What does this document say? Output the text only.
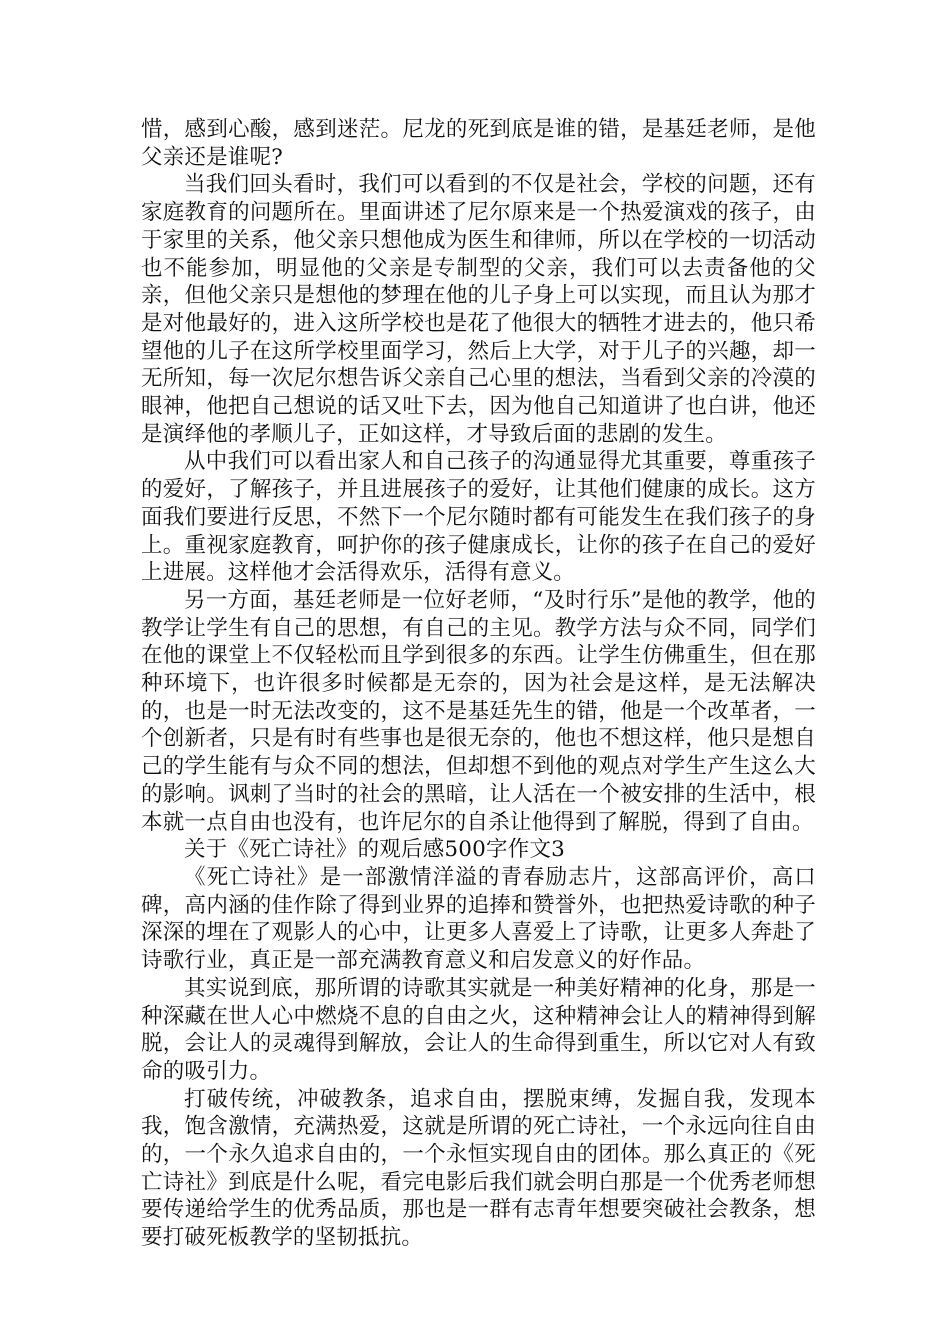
惜，感到心酸，感到迷茫。尼龙的死到底是谁的错，是基廷老师，是他父亲还是谁呢?

当我们回头看时，我们可以看到的不仅是社会，学校的问题，还有家庭教育的问题所在。里面讲述了尼尔原来是一个热爱演戏的孩子，由于家里的关系，他父亲只想他成为医生和律师，所以在学校的一切活动也不能参加，明显他的父亲是专制型的父亲，我们可以去责备他的父亲，但他父亲只是想他的梦理在他的儿子身上可以实现，而且认为那才是对他最好的，进入这所学校也是花了他很大的牺牲才进去的，他只希望他的儿子在这所学校里面学习，然后上大学，对于儿子的兴趣，却一无所知，每一次尼尔想告诉父亲自己心里的想法，当看到父亲的冷漠的眼神，他把自己想说的话又吐下去，因为他自己知道讲了也白讲，他还是演绎他的孝顺儿子，正如这样，才导致后面的悲剧的发生。

从中我们可以看出家人和自己孩子的沟通显得尤其重要，尊重孩子的爱好，了解孩子，并且进展孩子的爱好，让其他们健康的成长。这方面我们要进行反思，不然下一个尼尔随时都有可能发生在我们孩子的身上。重视家庭教育，呵护你的孩子健康成长，让你的孩子在自己的爱好上进展。这样他才会活得欢乐，活得有意义。

另一方面，基廷老师是一位好老师，“及时行乐”是他的教学，他的教学让学生有自己的思想，有自己的主见。教学方法与众不同，同学们在他的课堂上不仅轻松而且学到很多的东西。让学生仿佛重生，但在那种环境下，也许很多时候都是无奈的，因为社会是这样，是无法解决的，也是一时无法改变的，这不是基廷先生的错，他是一个改革者，一个创新者，只是有时有些事也是很无奈的，他也不想这样，他只是想自己的学生能有与众不同的想法，但却想不到他的观点对学生产生这么大的影响。讽刺了当时的社会的黑暗，让人活在一个被安排的生活中，根本就一点自由也没有，也许尼尔的自杀让他得到了解脱，得到了自由。

关于《死亡诗社》的观后感500字作文3

《死亡诗社》是一部激情洋溢的青春励志片，这部高评价，高口碑，高内涵的佳作除了得到业界的追捧和赞誉外，也把热爱诗歌的种子深深的埋在了观影人的心中，让更多人喜爱上了诗歌，让更多人奔赴了诗歌行业，真正是一部充满教育意义和启发意义的好作品。

其实说到底，那所谓的诗歌其实就是一种美好精神的化身，那是一种深藏在世人心中燃烧不息的自由之火，这种精神会让人的精神得到解脱，会让人的灵魂得到解放，会让人的生命得到重生，所以它对人有致命的吸引力。

打破传统，冲破教条，追求自由，摆脱束缚，发掘自我，发现本我，饱含激情，充满热爱，这就是所谓的死亡诗社，一个永远向往自由的，一个永久追求自由的，一个永恒实现自由的团体。那么真正的《死亡诗社》到底是什么呢，看完电影后我们就会明白那是一个优秀老师想要传递给学生的优秀品质，那也是一群有志青年想要突破社会教条，想要打破死板教学的坚韧抵抗。
